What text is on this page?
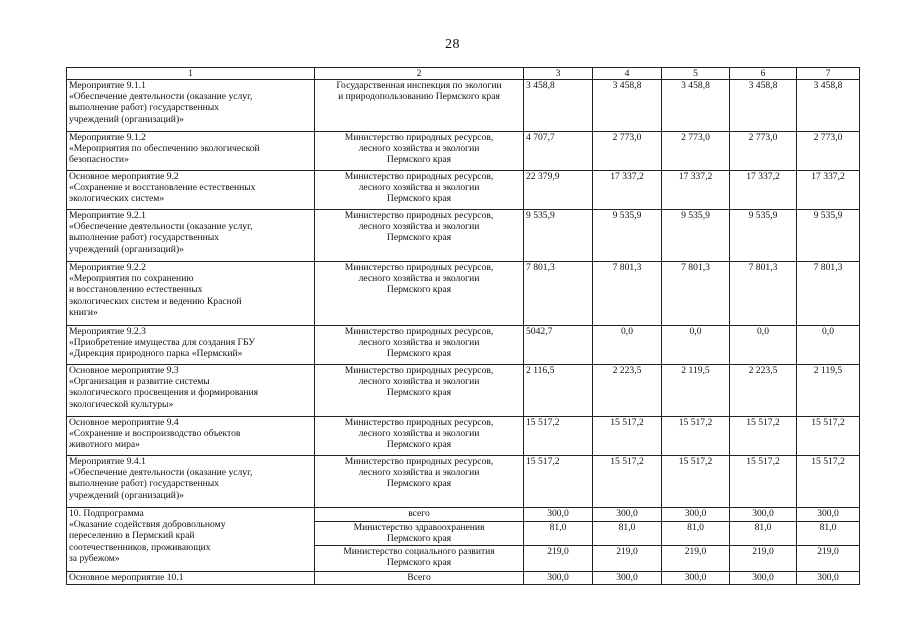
28
1	2	3	4	5	6	7
Мероприятие 9.1.1
«Обеспечение деятельности (оказание услуг,
выполнение работ) государственных
учреждений (организаций)»	Государственная инспекция по экологии
и природопользованию Пермского края	3 458,8	3 458,8	3 458,8	3 458,8	3 458,8
Мероприятие 9.1.2
«Мероприятия по обеспечению экологической
безопасности»	Министерство природных ресурсов,
лесного хозяйства и экологии
Пермского края	4 707,7	2 773,0	2 773,0	2 773,0	2 773,0
Основное мероприятие 9.2
«Сохранение и восстановление естественных
экологических систем»	Министерство природных ресурсов,
лесного хозяйства и экологии
Пермского края	22 379,9	17 337,2	17 337,2	17 337,2	17 337,2
Мероприятие 9.2.1
«Обеспечение деятельности (оказание услуг,
выполнение работ) государственных
учреждений (организаций)»	Министерство природных ресурсов,
лесного хозяйства и экологии
Пермского края	9 535,9	9 535,9	9 535,9	9 535,9	9 535,9
Мероприятие 9.2.2
«Мероприятия по сохранению
и восстановлению естественных
экологических систем и ведению Красной
книги»	Министерство природных ресурсов,
лесного хозяйства и экологии
Пермского края	7 801,3	7 801,3	7 801,3	7 801,3	7 801,3
Мероприятие 9.2.3
«Приобретение имущества для создания ГБУ
«Дирекция природного парка «Пермский»	Министерство природных ресурсов,
лесного хозяйства и экологии
Пермского края	5042,7	0,0	0,0	0,0	0,0
Основное мероприятие 9.3
«Организация и развитие системы
экологического просвещения и формирования
экологической культуры»	Министерство природных ресурсов,
лесного хозяйства и экологии
Пермского края	2 116,5	2 223,5	2 119,5	2 223,5	2 119,5
Основное мероприятие 9.4
«Сохранение и воспроизводство объектов
животного мира»	Министерство природных ресурсов,
лесного хозяйства и экологии
Пермского края	15 517,2	15 517,2	15 517,2	15 517,2	15 517,2
Мероприятие 9.4.1
«Обеспечение деятельности (оказание услуг,
выполнение работ) государственных
учреждений (организаций)»	Министерство природных ресурсов,
лесного хозяйства и экологии
Пермского края	15 517,2	15 517,2	15 517,2	15 517,2	15 517,2
10. Подпрограмма
«Оказание содействия добровольному
переселению в Пермский край
соотечественников, проживающих
за рубежом»	всего	300,0	300,0	300,0	300,0	300,0
	Министерство здравоохранения
Пермского края	81,0	81,0	81,0	81,0	81,0
	Министерство социального развития
Пермского края	219,0	219,0	219,0	219,0	219,0
Основное мероприятие 10.1	Всего	300,0	300,0	300,0	300,0	300,0
